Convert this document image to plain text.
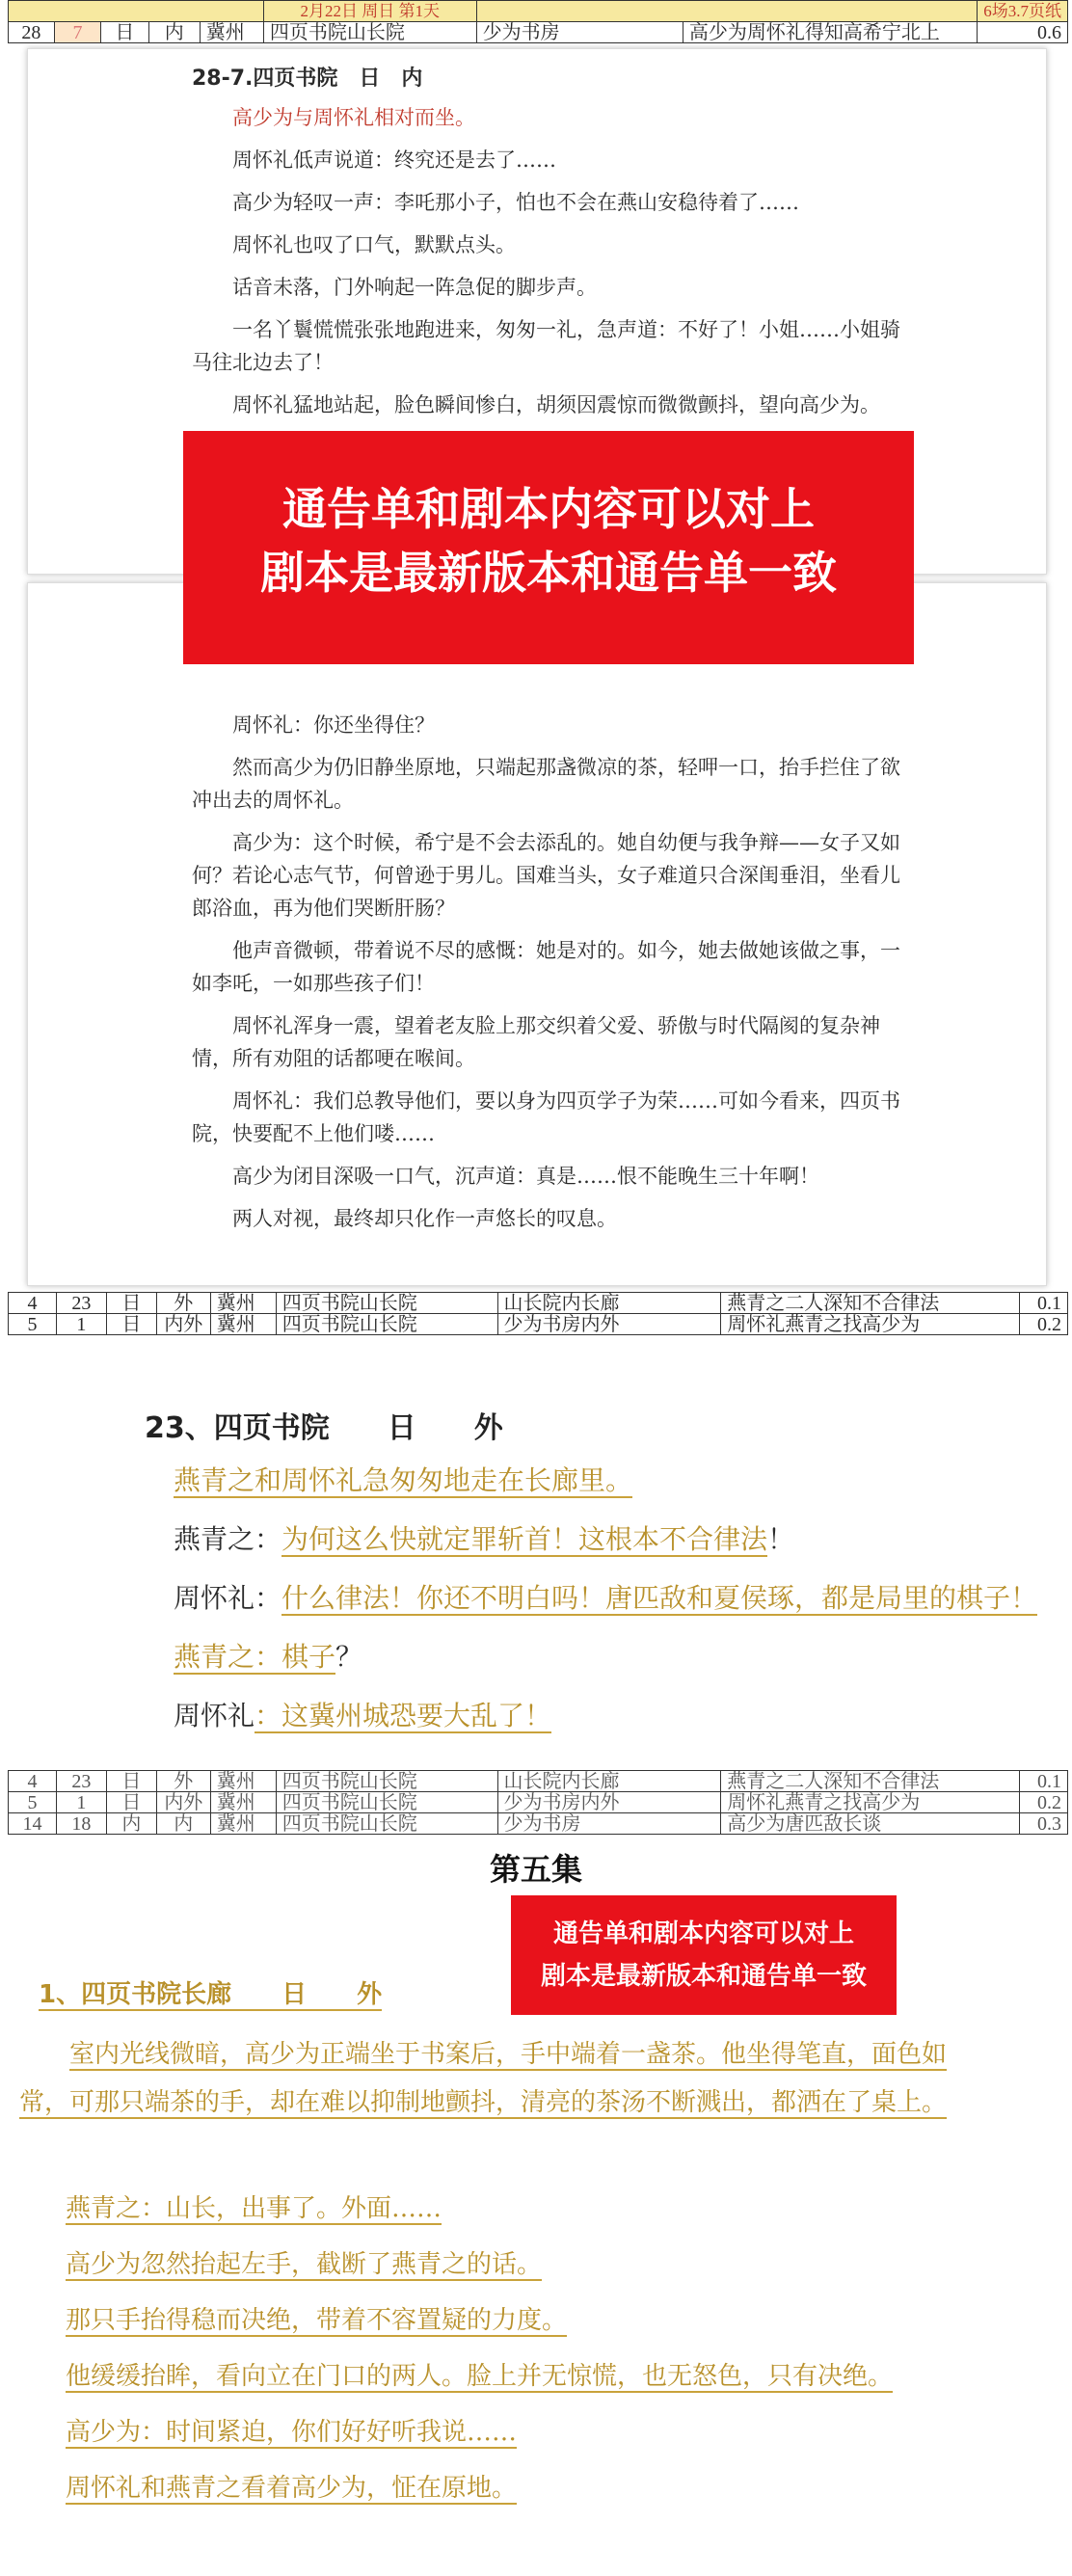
					2月22日 周日 第1天			6场3.7页纸
28	7	日	内	冀州	四页书院山长院	少为书房	高少为周怀礼得知高希宁北上	0.6

28-7.四页书院　日　内

高少为与周怀礼相对而坐。

周怀礼低声说道：终究还是去了……

高少为轻叹一声：李吒那小子，怕也不会在燕山安稳待着了……

周怀礼也叹了口气，默默点头。

话音未落，门外响起一阵急促的脚步声。

一名丫鬟慌慌张张地跑进来，匆匆一礼，急声道：不好了！小姐……小姐骑马往北边去了！

周怀礼猛地站起，脸色瞬间惨白，胡须因震惊而微微颤抖，望向高少为。

周怀礼：你还坐得住？

然而高少为仍旧静坐原地，只端起那盏微凉的茶，轻呷一口，抬手拦住了欲冲出去的周怀礼。

高少为：这个时候，希宁是不会去添乱的。她自幼便与我争辩——女子又如何？若论心志气节，何曾逊于男儿。国难当头，女子难道只合深闺垂泪，坐看儿郎浴血，再为他们哭断肝肠？

他声音微顿，带着说不尽的感慨：她是对的。如今，她去做她该做之事，一如李吒，一如那些孩子们！

周怀礼浑身一震，望着老友脸上那交织着父爱、骄傲与时代隔阂的复杂神情，所有劝阻的话都哽在喉间。

周怀礼：我们总教导他们，要以身为四页学子为荣……可如今看来，四页书院，快要配不上他们喽……

高少为闭目深吸一口气，沉声道：真是……恨不能晚生三十年啊！

两人对视，最终却只化作一声悠长的叹息。

通告单和剧本内容可以对上
剧本是最新版本和通告单一致
4	23	日	外	冀州	四页书院山长院	山长院内长廊	燕青之二人深知不合律法	0.1
5	1	日	内外	冀州	四页书院山长院	少为书房内外	周怀礼燕青之找高少为	0.2
23、四页书院　　日　　外
燕青之和周怀礼急匆匆地走在长廊里。
燕青之：为何这么快就定罪斩首！这根本不合律法！
周怀礼：什么律法！你还不明白吗！唐匹敌和夏侯琢，都是局里的棋子！
燕青之：棋子？
周怀礼：这冀州城恐要大乱了！
4	23	日	外	冀州	四页书院山长院	山长院内长廊	燕青之二人深知不合律法	0.1
5	1	日	内外	冀州	四页书院山长院	少为书房内外	周怀礼燕青之找高少为	0.2
14	18	内	内	冀州	四页书院山长院	少为书房	高少为唐匹敌长谈	0.3
第五集
1、四页书院长廊　　日　　外
室内光线微暗，高少为正端坐于书案后，手中端着一盏茶。他坐得笔直，面色如常，可那只端茶的手，却在难以抑制地颤抖，清亮的茶汤不断溅出，都洒在了桌上。
燕青之：山长，出事了。外面……
高少为忽然抬起左手，截断了燕青之的话。
那只手抬得稳而决绝，带着不容置疑的力度。
他缓缓抬眸，看向立在门口的两人。脸上并无惊慌，也无怒色，只有决绝。
高少为：时间紧迫，你们好好听我说……
周怀礼和燕青之看着高少为，怔在原地。
通告单和剧本内容可以对上
剧本是最新版本和通告单一致
